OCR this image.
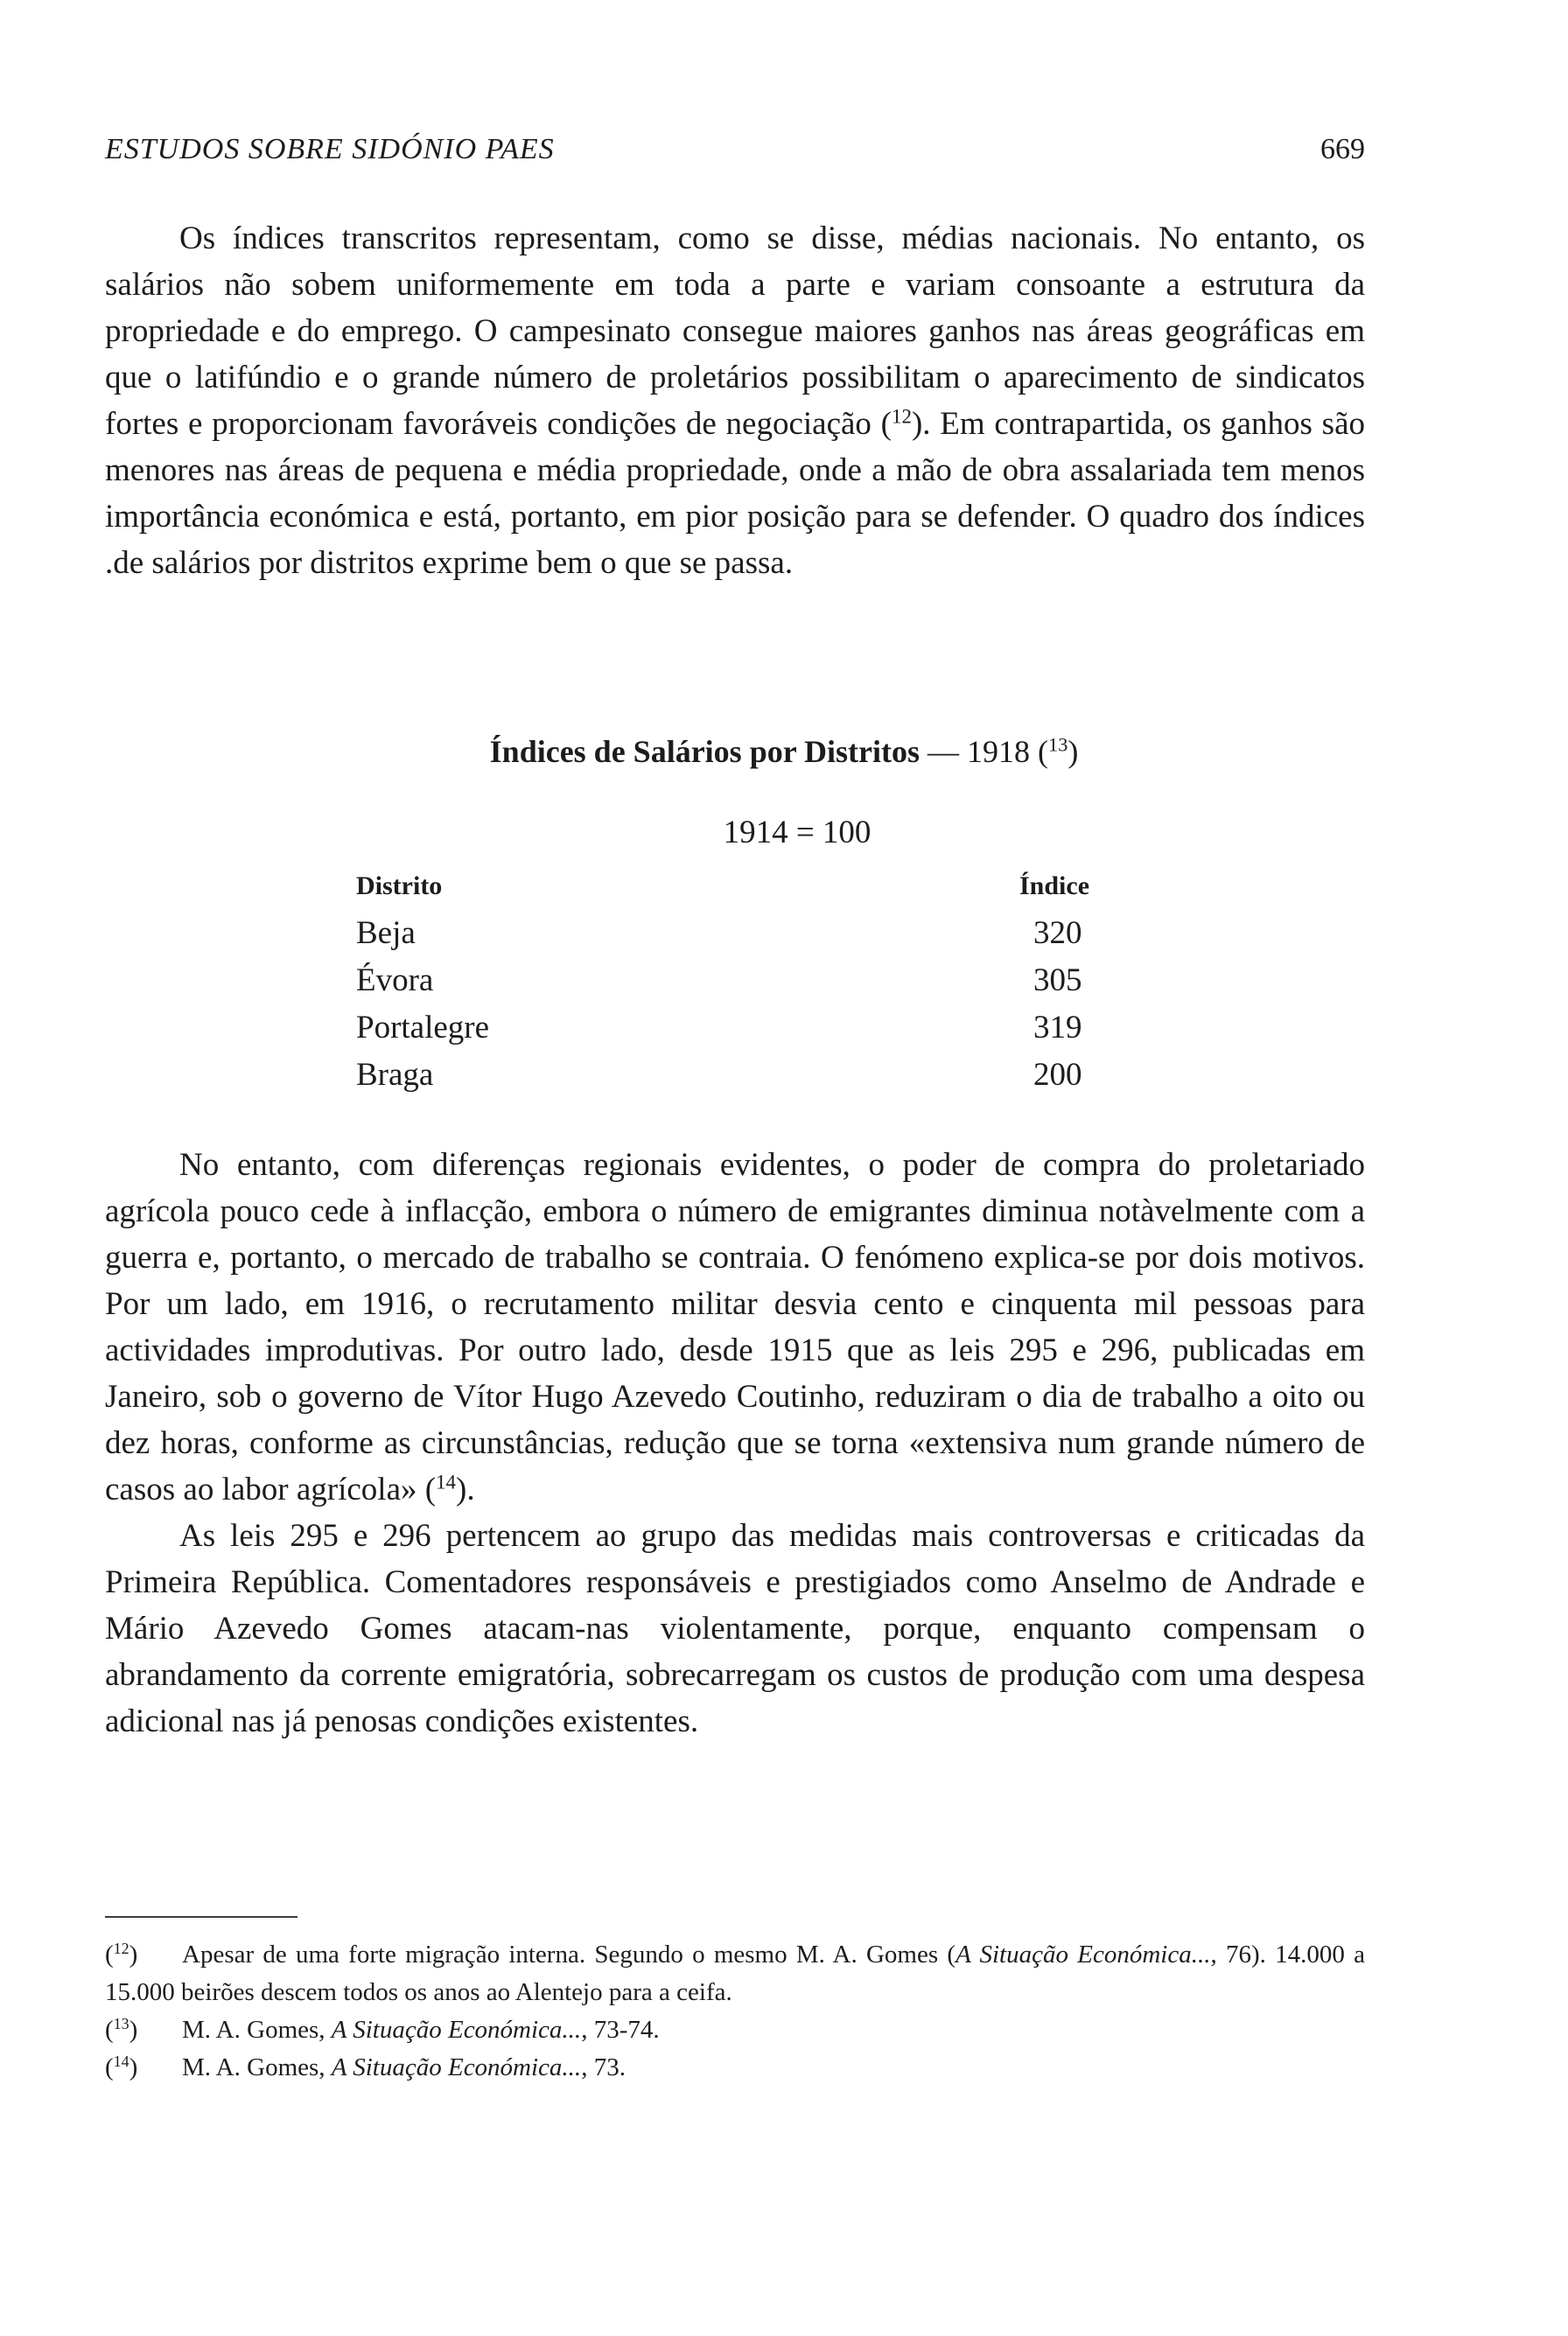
ESTUDOS SOBRE SIDÓNIO PAES	669

Os índices transcritos representam, como se disse, médias nacionais. No entanto, os salários não sobem uniformemente em toda a parte e variam consoante a estrutura da propriedade e do emprego. O campesinato consegue maiores ganhos nas áreas geográficas em que o latifúndio e o grande número de proletários possibilitam o aparecimento de sindicatos fortes e proporcionam favoráveis condições de negociação ($^{12}$). Em contrapartida, os ganhos são menores nas áreas de pequena e média propriedade, onde a mão de obra assalariada tem menos importância económica e está, portanto, em pior posição para se defender. O quadro dos índices .de salários por distritos exprime bem o que se passa.

Índices de Salários por Distritos — 1918 ($^{13}$)
1914 = 100
Distrito	Índice
Beja	320
Évora	305
Portalegre	319
Braga	200

No entanto, com diferenças regionais evidentes, o poder de compra do proletariado agrícola pouco cede à inflacção, embora o número de emigrantes diminua notàvelmente com a guerra e, portanto, o mercado de trabalho se contraia. O fenómeno explica-se por dois motivos. Por um lado, em 1916, o recrutamento militar desvia cento e cinquenta mil pessoas para actividades improdutivas. Por outro lado, desde 1915 que as leis 295 e 296, publicadas em Janeiro, sob o governo de Vítor Hugo Azevedo Coutinho, reduziram o dia de trabalho a oito ou dez horas, conforme as circunstâncias, redução que se torna «extensiva num grande número de casos ao labor agrícola» ($^{14}$).

As leis 295 e 296 pertencem ao grupo das medidas mais controversas e criticadas da Primeira República. Comentadores responsáveis e prestigiados como Anselmo de Andrade e Mário Azevedo Gomes atacam-nas violentamente, porque, enquanto compensam o abrandamento da corrente emigratória, sobrecarregam os custos de produção com uma despesa adicional nas já penosas condições existentes.

($^{12}$) Apesar de uma forte migração interna. Segundo o mesmo M. A. Gomes (A Situação Económica..., 76). 14.000 a 15.000 beirões descem todos os anos ao Alentejo para a ceifa.
($^{13}$) M. A. Gomes, A Situação Económica..., 73-74.
($^{14}$) M. A. Gomes, A Situação Económica..., 73.
